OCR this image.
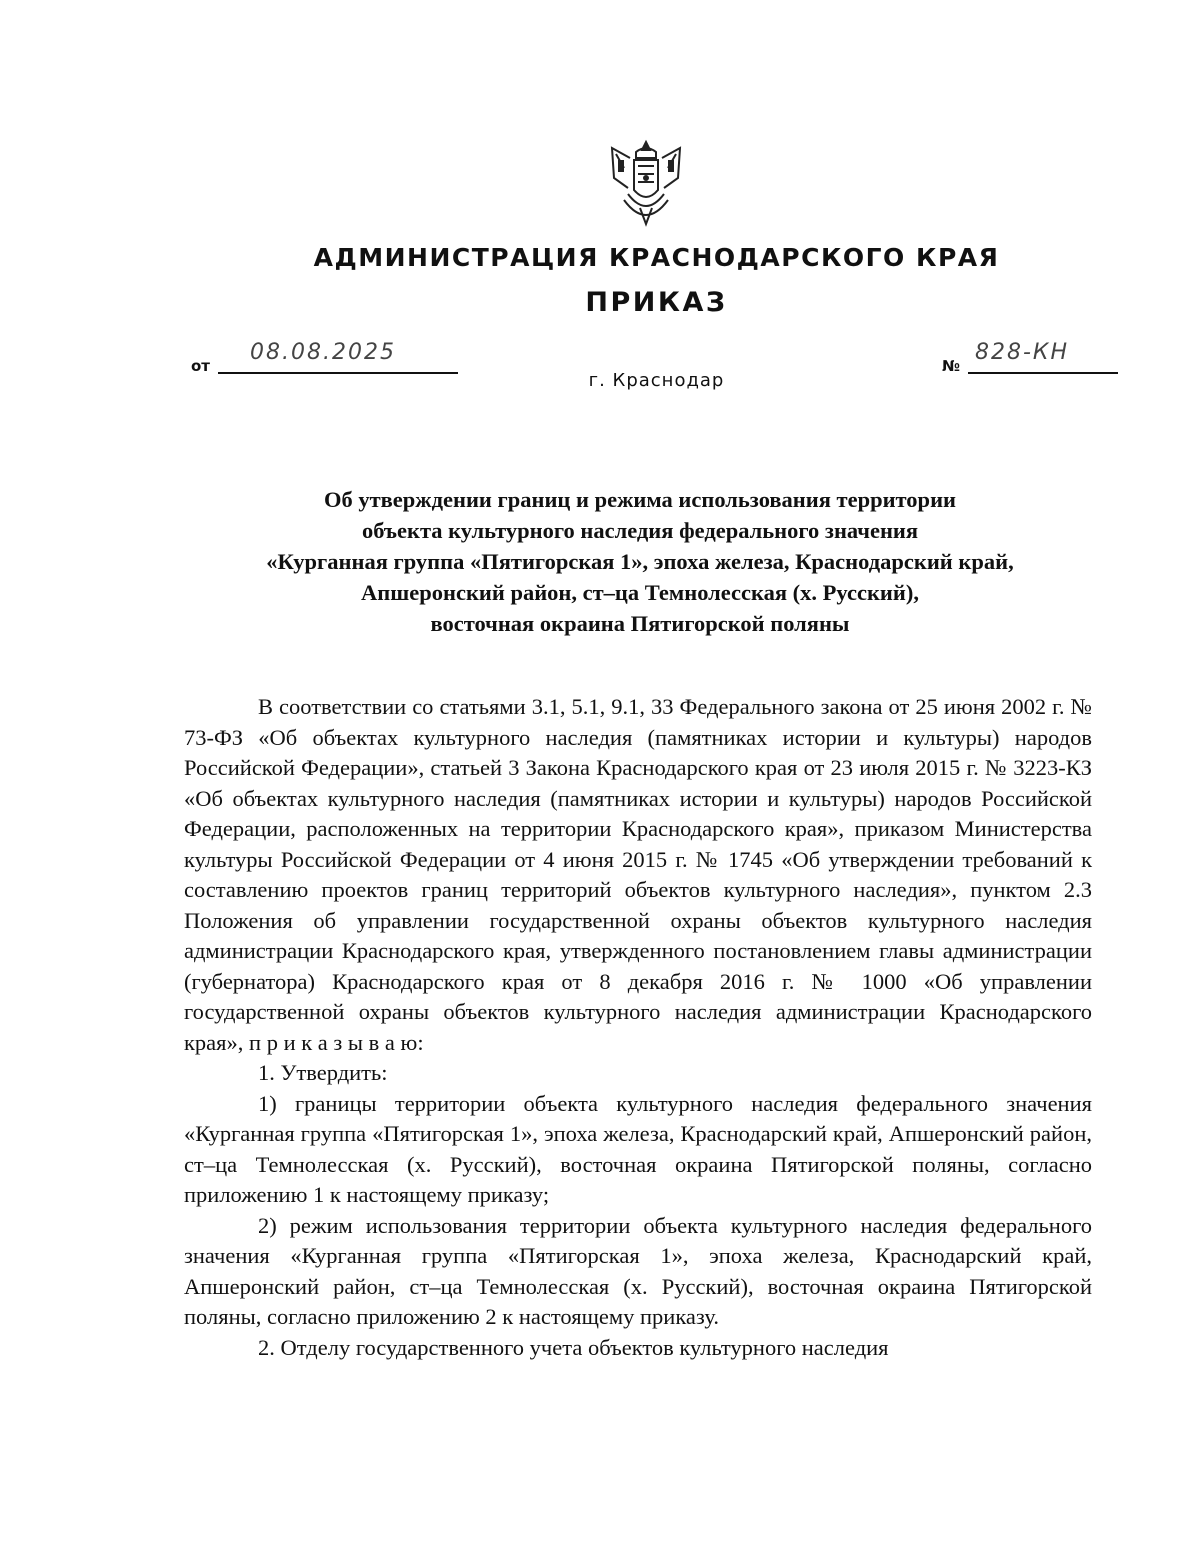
АДМИНИСТРАЦИЯ КРАСНОДАРСКОГО КРАЯ
ПРИКАЗ
от
08.08.2025
№
828-КН
г. Краснодар
Об утверждении границ и режима использования территории
объекта культурного наследия федерального значения
«Курганная группа «Пятигорская 1», эпоха железа, Краснодарский край,
Апшеронский район, ст–ца Темнолесская (х. Русский),
восточная окраина Пятигорской поляны

В соответствии со статьями 3.1, 5.1, 9.1, 33 Федерального закона от 25 июня 2002 г. № 73-ФЗ «Об объектах культурного наследия (памятниках истории и культуры) народов Российской Федерации», статьей 3 Закона Краснодарского края от 23 июля 2015 г. № 3223-КЗ «Об объектах культурного наследия (памятниках истории и культуры) народов Российской Федерации, расположенных на территории Краснодарского края», приказом Министерства культуры Российской Федерации от 4 июня 2015 г. № 1745 «Об утверждении требований к составлению проектов границ территорий объектов культурного наследия», пунктом 2.3 Положения об управлении государственной охраны объектов культурного наследия администрации Краснодарского края, утвержденного постановлением главы администрации (губернатора) Краснодарского края от 8 декабря 2016 г. № 1000 «Об управлении государственной охраны объектов культурного наследия администрации Краснодарского края», п р и к а з ы в а ю:

1. Утвердить:

1) границы территории объекта культурного наследия федерального значения «Курганная группа «Пятигорская 1», эпоха железа, Краснодарский край, Апшеронский район, ст–ца Темнолесская (х. Русский), восточная окраина Пятигорской поляны, согласно приложению 1 к настоящему приказу;

2) режим использования территории объекта культурного наследия федерального значения «Курганная группа «Пятигорская 1», эпоха железа, Краснодарский край, Апшеронский район, ст–ца Темнолесская (х. Русский), восточная окраина Пятигорской поляны, согласно приложению 2 к настоящему приказу.

2. Отделу государственного учета объектов культурного наследия
